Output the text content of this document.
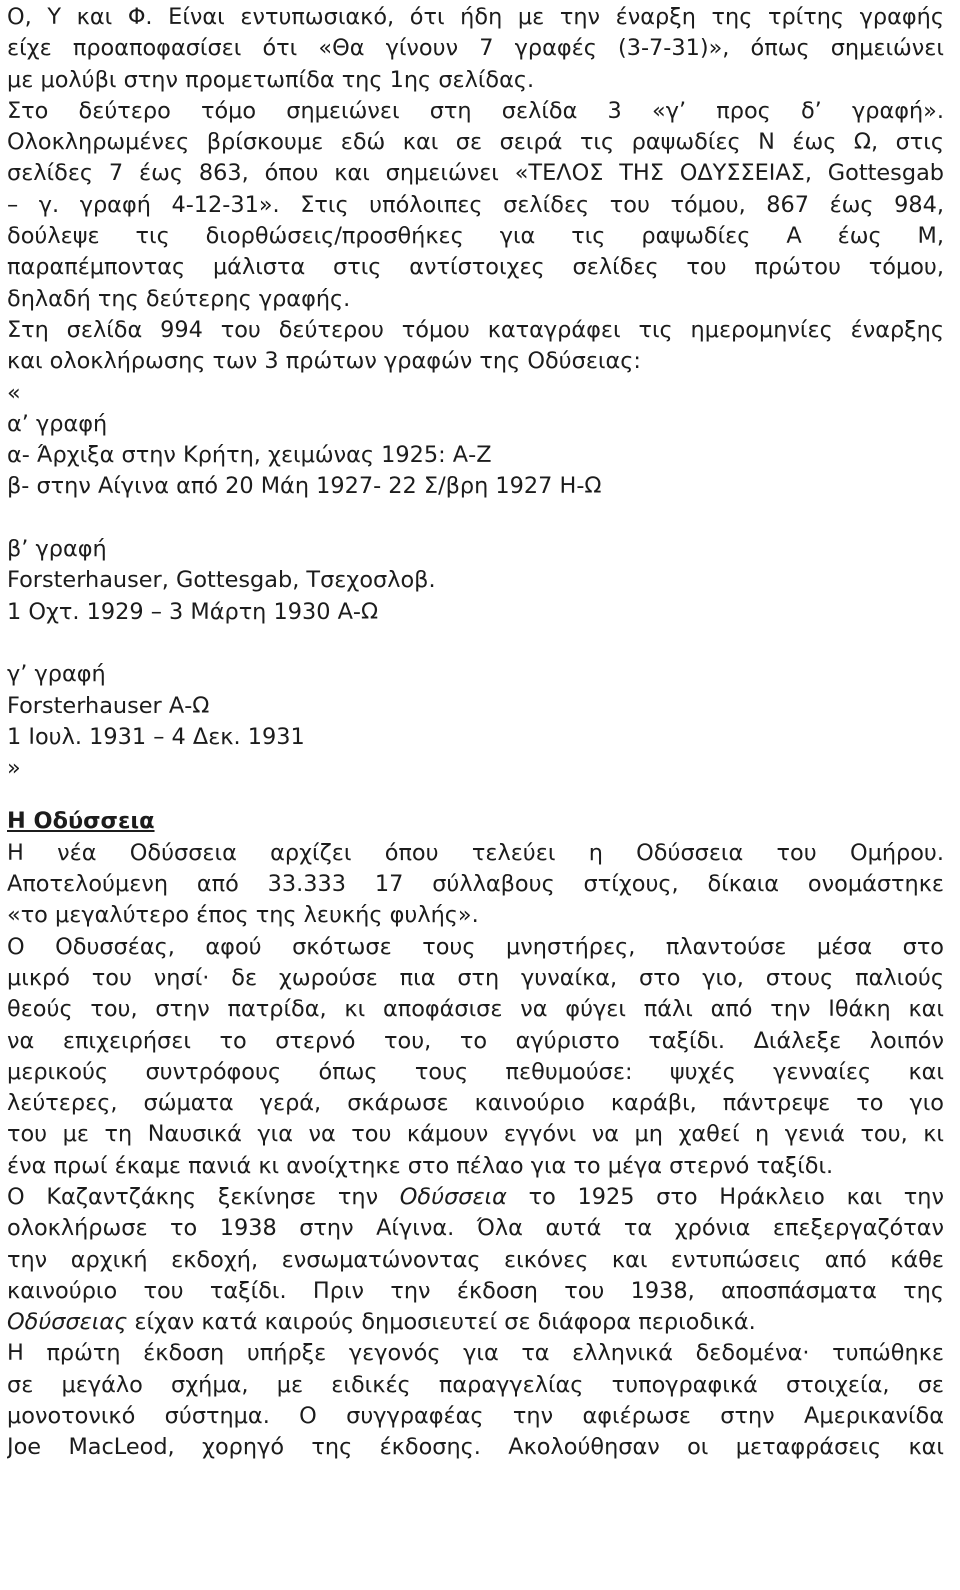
Ο, Υ και Φ. Είναι εντυπωσιακό, ότι ήδη με την έναρξη της τρίτης γραφής
είχε προαποφασίσει ότι «Θα γίνουν 7 γραφές (3-7-31)», όπως σημειώνει
με μολύβι στην προμετωπίδα της 1ης σελίδας.
Στο δεύτερο τόμο σημειώνει στη σελίδα 3 «γ’ προς δ’ γραφή».
Ολοκληρωμένες βρίσκουμε εδώ και σε σειρά τις ραψωδίες Ν έως Ω, στις
σελίδες 7 έως 863, όπου και σημειώνει «ΤΕΛΟΣ ΤΗΣ ΟΔΥΣΣΕΙΑΣ, Gottesgab
– γ. γραφή 4-12-31». Στις υπόλοιπες σελίδες του τόμου, 867 έως 984,
δούλεψε τις διορθώσεις/προσθήκες για τις ραψωδίες Α έως Μ,
παραπέμποντας μάλιστα στις αντίστοιχες σελίδες του πρώτου τόμου,
δηλαδή της δεύτερης γραφής.
Στη σελίδα 994 του δεύτερου τόμου καταγράφει τις ημερομηνίες έναρξης
και ολοκλήρωσης των 3 πρώτων γραφών της Οδύσειας:
«
α’ γραφή
α- Άρχιξα στην Κρήτη, χειμώνας 1925: Α-Ζ
β- στην Αίγινα από 20 Μάη 1927- 22 Σ/βρη 1927 Η-Ω
β’ γραφή
Forsterhauser, Gottesgab, Τσεχοσλοβ.
1 Οχτ. 1929 – 3 Μάρτη 1930 Α-Ω
γ’ γραφή
Forsterhauser Α-Ω
1 Ιουλ. 1931 – 4 Δεκ. 1931
»
Η Οδύσσεια
Η νέα Οδύσσεια αρχίζει όπου τελεύει η Οδύσσεια του Ομήρου.
Αποτελούμενη από 33.333 17 σύλλαβους στίχους, δίκαια ονομάστηκε
«το μεγαλύτερο έπος της λευκής φυλής».
Ο Οδυσσέας, αφού σκότωσε τους μνηστήρες, πλαντούσε μέσα στο
μικρό του νησί· δε χωρούσε πια στη γυναίκα, στο γιο, στους παλιούς
θεούς του, στην πατρίδα, κι αποφάσισε να φύγει πάλι από την Ιθάκη και
να επιχειρήσει το στερνό του, το αγύριστο ταξίδι. Διάλεξε λοιπόν
μερικούς συντρόφους όπως τους πεθυμούσε: ψυχές γενναίες και
λεύτερες, σώματα γερά, σκάρωσε καινούριο καράβι, πάντρεψε το γιο
του με τη Ναυσικά για να του κάμουν εγγόνι να μη χαθεί η γενιά του, κι
ένα πρωί έκαμε πανιά κι ανοίχτηκε στο πέλαο για το μέγα στερνό ταξίδι.
Ο Καζαντζάκης ξεκίνησε την Οδύσσεια το 1925 στο Ηράκλειο και την
ολοκλήρωσε το 1938 στην Αίγινα. Όλα αυτά τα χρόνια επεξεργαζόταν
την αρχική εκδοχή, ενσωματώνοντας εικόνες και εντυπώσεις από κάθε
καινούριο του ταξίδι. Πριν την έκδοση του 1938, αποσπάσματα της
Οδύσσειας είχαν κατά καιρούς δημοσιευτεί σε διάφορα περιοδικά.
Η πρώτη έκδοση υπήρξε γεγονός για τα ελληνικά δεδομένα· τυπώθηκε
σε μεγάλο σχήμα, με ειδικές παραγγελίας τυπογραφικά στοιχεία, σε
μονοτονικό σύστημα. Ο συγγραφέας την αφιέρωσε στην Αμερικανίδα
Joe MacLeod, χορηγό της έκδοσης. Ακολούθησαν οι μεταφράσεις και
